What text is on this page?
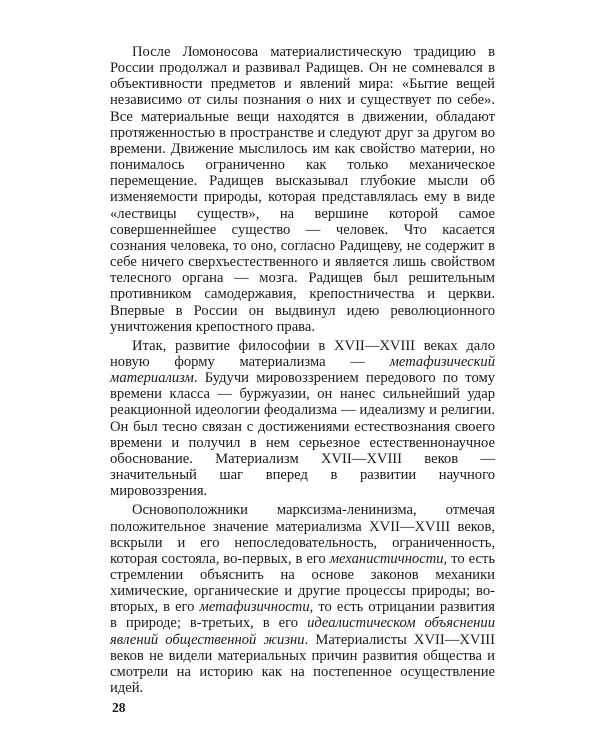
После Ломоносова материалистическую традицию в России продолжал и развивал Радищев. Он не сомневался в объективности предметов и явлений мира: «Бытие вещей независимо от силы познания о них и существует по себе». Все материальные вещи находятся в движении, обладают протяженностью в пространстве и следуют друг за другом во времени. Движение мыслилось им как свойство материи, но понималось ограниченно как только механическое перемещение. Радищев высказывал глубокие мысли об изменяемости природы, которая представлялась ему в виде «лествицы существ», на вершине которой самое совершеннейшее существо — человек. Что касается сознания человека, то оно, согласно Радищеву, не содержит в себе ничего сверхъестественного и является лишь свойством телесного органа — мозга. Радищев был решительным противником самодержавия, крепостничества и церкви. Впервые в России он выдвинул идею революционного уничтожения крепостного права.

Итак, развитие философии в XVII—XVIII веках дало новую форму материализма — метафизический материализм. Будучи мировоззрением передового по тому времени класса — буржуазии, он нанес сильнейший удар реакционной идеологии феодализма — идеализму и религии. Он был тесно связан с достижениями естествознания своего времени и получил в нем серьезное естественнонаучное обоснование. Материализм XVII—XVIII веков — значительный шаг вперед в развитии научного мировоззрения.

Основоположники марксизма-ленинизма, отмечая положительное значение материализма XVII—XVIII веков, вскрыли и его непоследовательность, ограниченность, которая состояла, во-первых, в его механистичности, то есть стремлении объяснить на основе законов механики химические, органические и другие процессы природы; во-вторых, в его метафизичности, то есть отрицании развития в природе; в-третьих, в его идеалистическом объяснении явлений общественной жизни. Материалисты XVII—XVIII веков не видели материальных причин развития общества и смотрели на историю как на постепенное осуществление идей.

28
